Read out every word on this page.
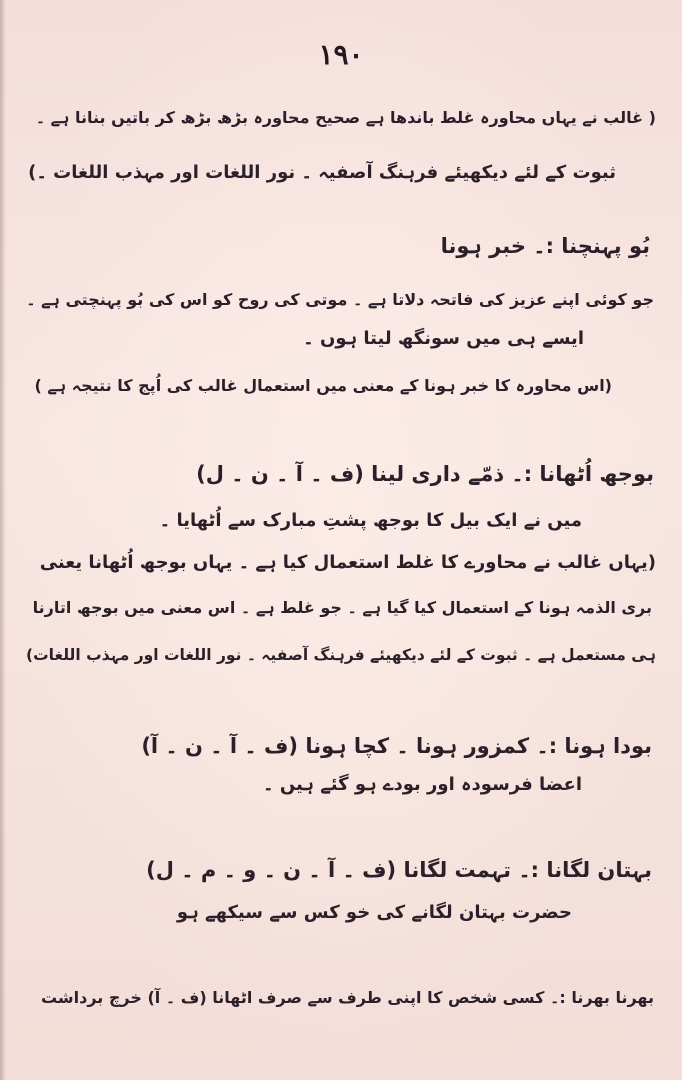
١٩٠
( غالب نے یہاں محاورہ غلط باندھا ہے صحیح محاورہ بڑھ بڑھ کر باتیں بنانا ہے ۔
ثبوت کے لئے دیکھیئے فرہنگ آصفیہ ۔ نور اللغات اور مہذب اللغات ۔)
بُو پہنچنا :۔ خبر ہونا
جو کوئی اپنے عزیز کی فاتحہ دلاتا ہے ۔ موتی کی روح کو اس کی بُو پہنچتی ہے ۔
ایسے ہی میں سونگھ لیتا ہوں ۔
(اس محاورہ کا خبر ہونا کے معنی میں استعمال غالب کی اُپج کا نتیجہ ہے )
بوجھ اُٹھانا :۔ ذمّے داری لینا (ف ۔ آ ۔ ن ۔ ل)
میں نے ایک بیل کا بوجھ پشتِ مبارک سے اُٹھایا ۔
(یہاں غالب نے محاورے کا غلط استعمال کیا ہے ۔ یہاں بوجھ اُٹھانا یعنی
بری الذمہ ہونا کے استعمال کیا گیا ہے ۔ جو غلط ہے ۔ اس معنی میں بوجھ اتارنا
ہی مستعمل ہے ۔ ثبوت کے لئے دیکھیئے فرہنگ آصفیہ ۔ نور اللغات اور مہذب اللغات)
بودا ہونا :۔ کمزور ہونا ۔ کچا ہونا (ف ۔ آ ۔ ن ۔ آ)
اعضا فرسودہ اور بودے ہو گئے ہیں ۔
بہتان لگانا :۔ تہمت لگانا (ف ۔ آ ۔ ن ۔ و ۔ م ۔ ل)
حضرت بہتان لگانے کی خو کس سے سیکھے ہو
بھرنا بھرنا :۔ کسی شخص کا اپنی طرف سے صرف اٹھانا (ف ۔ آ) خرچ برداشت
